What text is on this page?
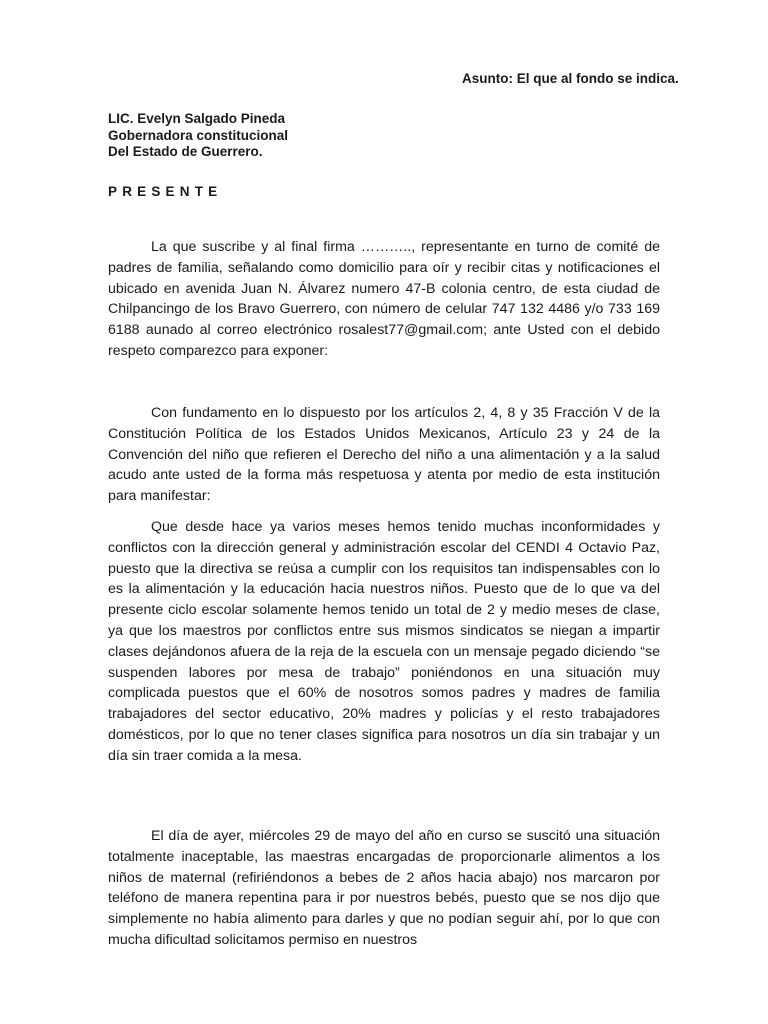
Asunto: El que al fondo se indica.
LIC. Evelyn Salgado Pineda
Gobernadora constitucional
Del Estado de Guerrero.
PRESENTE
La que suscribe y al final firma ……….., representante en turno de comité de padres de familia, señalando como domicilio para oír y recibir citas y notificaciones el ubicado en avenida Juan N. Álvarez numero 47-B colonia centro, de esta ciudad de Chilpancingo de los Bravo Guerrero, con número de celular 747 132 4486 y/o 733 169 6188 aunado al correo electrónico rosalest77@gmail.com; ante Usted con el debido respeto comparezco para exponer:
Con fundamento en lo dispuesto por los artículos 2, 4, 8 y 35 Fracción V de la Constitución Política de los Estados Unidos Mexicanos, Artículo 23 y 24 de la Convención del niño que refieren el Derecho del niño a una alimentación y a la salud acudo ante usted de la forma más respetuosa y atenta por medio de esta institución para manifestar:
Que desde hace ya varios meses hemos tenido muchas inconformidades y conflictos con la dirección general y administración escolar del CENDI 4 Octavio Paz, puesto que la directiva se reúsa a cumplir con los requisitos tan indispensables con lo es la alimentación y la educación hacia nuestros niños. Puesto que de lo que va del presente ciclo escolar solamente hemos tenido un total de 2 y medio meses de clase, ya que los maestros por conflictos entre sus mismos sindicatos se niegan a impartir clases dejándonos afuera de la reja de la escuela con un mensaje pegado diciendo “se suspenden labores por mesa de trabajo” poniéndonos en una situación muy complicada puestos que el 60% de nosotros somos padres y madres de familia trabajadores del sector educativo, 20% madres y policías y el resto trabajadores domésticos, por lo que no tener clases significa para nosotros un día sin trabajar y un día sin traer comida a la mesa.
El día de ayer, miércoles 29 de mayo del año en curso se suscitó una situación totalmente inaceptable, las maestras encargadas de proporcionarle alimentos a los niños de maternal (refiriéndonos a bebes de 2 años hacia abajo) nos marcaron por teléfono de manera repentina para ir por nuestros bebés, puesto que se nos dijo que simplemente no había alimento para darles y que no podían seguir ahí, por lo que con mucha dificultad solicitamos permiso en nuestros
